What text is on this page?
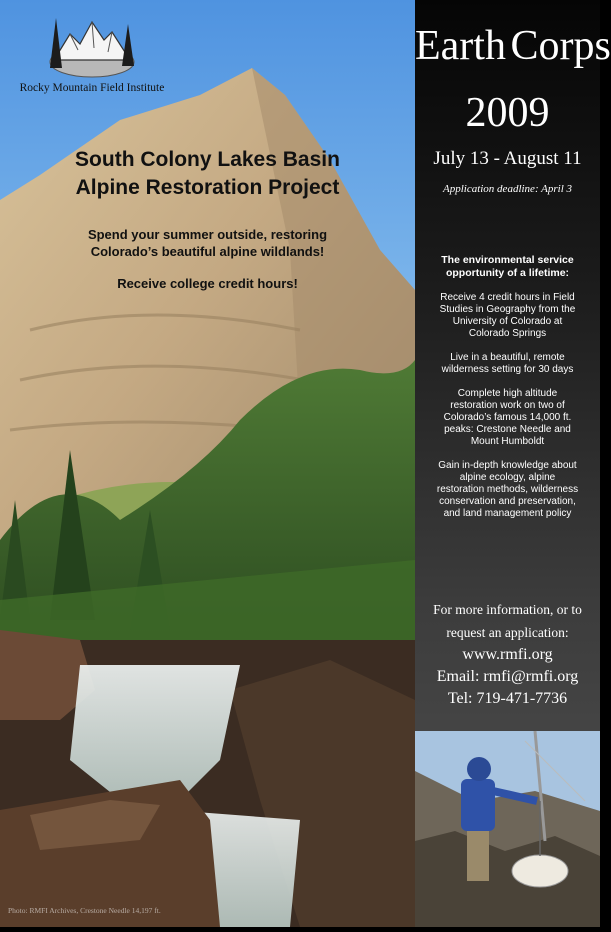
Rocky Mountain Field Institute
South Colony Lakes Basin
Alpine Restoration Project
Spend your summer outside, restoring
Colorado’s beautiful alpine wildlands!
Receive college credit hours!
Photo: RMFI Archives, Crestone Needle 14,197 ft.
Earth Corps
2009
July 13 - August 11
Application deadline: April 3
The environmental service
opportunity of a lifetime:
Receive 4 credit hours in Field
Studies in Geography from the
University of Colorado at
Colorado Springs
Live in a beautiful, remote
wilderness setting for 30 days
Complete high altitude
restoration work on two of
Colorado’s famous 14,000 ft.
peaks: Crestone Needle and
Mount Humboldt
Gain in-depth knowledge about
alpine ecology, alpine
restoration methods, wilderness
conservation and preservation,
and land management policy
For more information, or to
request an application:
www.rmfi.org
Email: rmfi@rmfi.org
Tel: 719-471-7736
